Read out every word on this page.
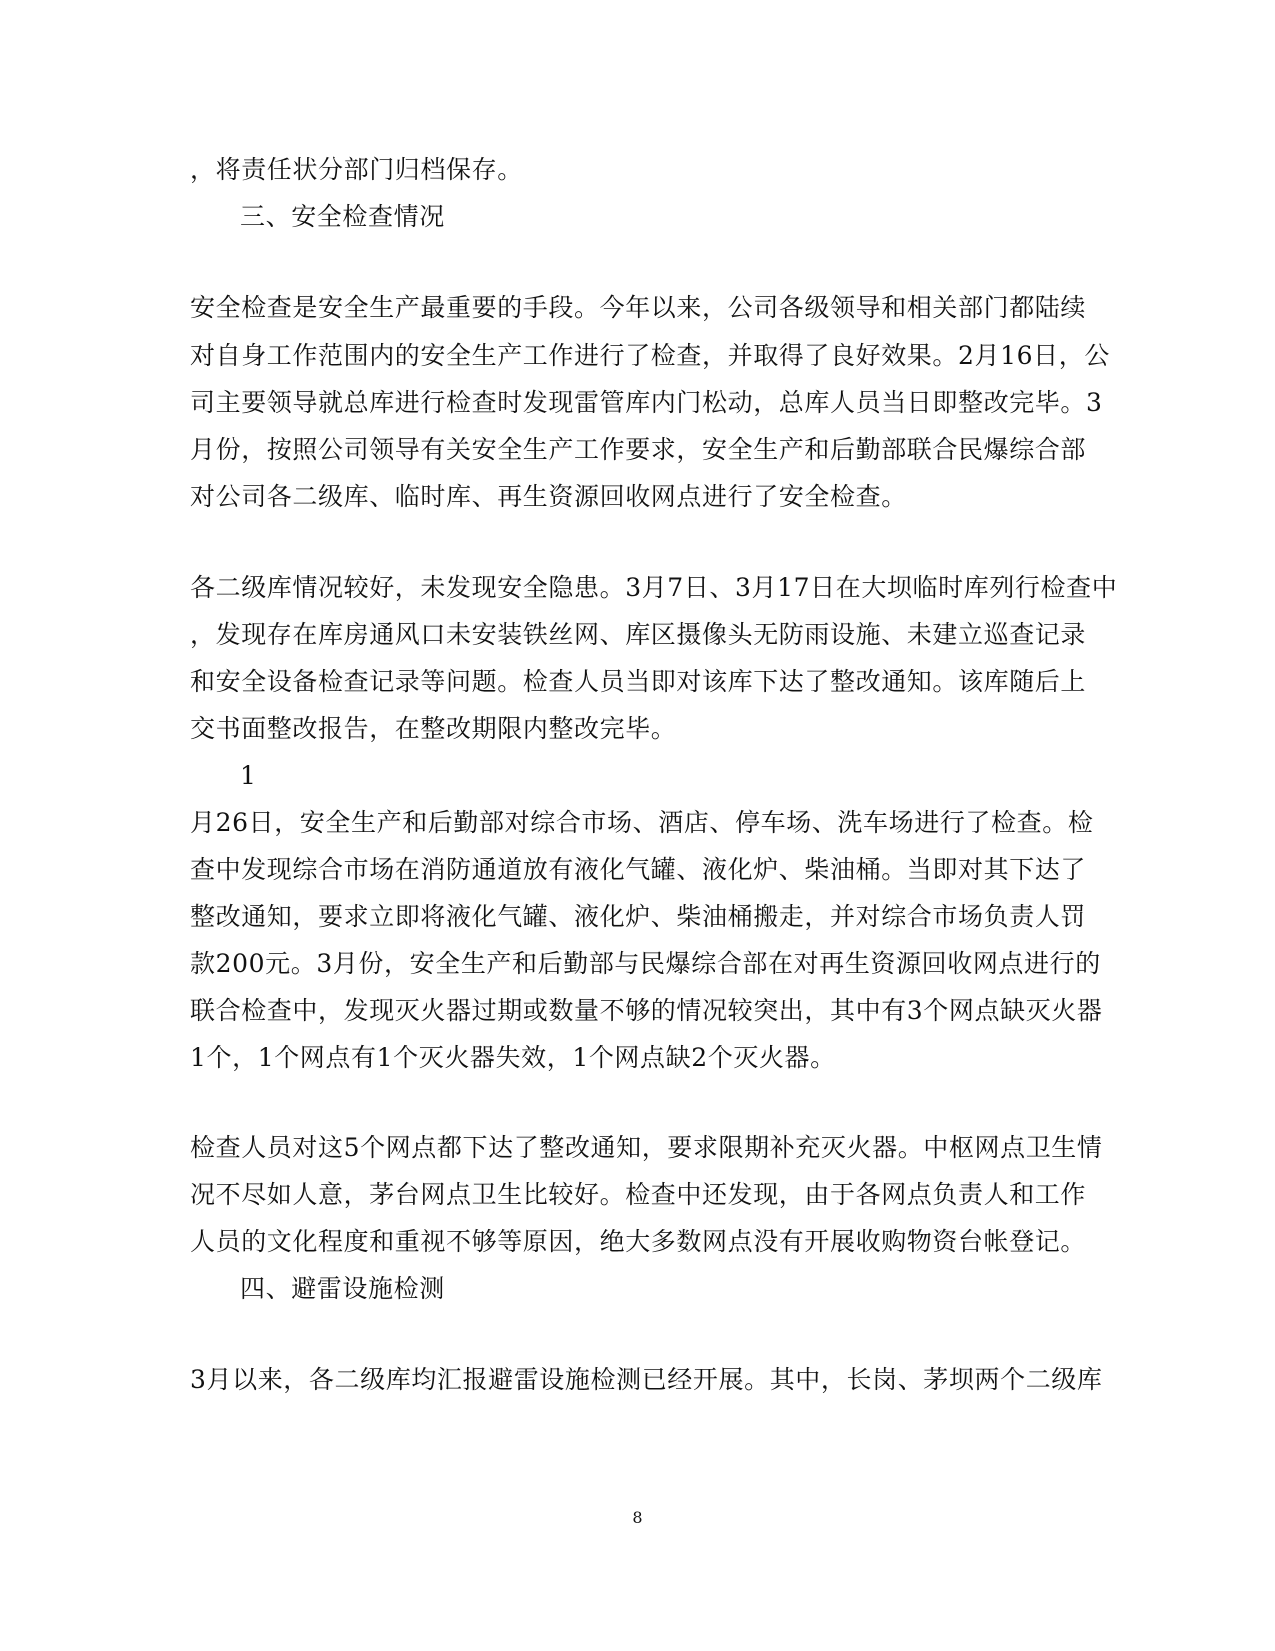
，将责任状分部门归档保存。
三、安全检查情况
安全检查是安全生产最重要的手段。今年以来，公司各级领导和相关部门都陆续
对自身工作范围内的安全生产工作进行了检查，并取得了良好效果。2月16日，公
司主要领导就总库进行检查时发现雷管库内门松动，总库人员当日即整改完毕。3
月份，按照公司领导有关安全生产工作要求，安全生产和后勤部联合民爆综合部
对公司各二级库、临时库、再生资源回收网点进行了安全检查。
各二级库情况较好，未发现安全隐患。3月7日、3月17日在大坝临时库列行检查中
，发现存在库房通风口未安装铁丝网、库区摄像头无防雨设施、未建立巡查记录
和安全设备检查记录等问题。检查人员当即对该库下达了整改通知。该库随后上
交书面整改报告，在整改期限内整改完毕。
1
月26日，安全生产和后勤部对综合市场、酒店、停车场、洗车场进行了检查。检
查中发现综合市场在消防通道放有液化气罐、液化炉、柴油桶。当即对其下达了
整改通知，要求立即将液化气罐、液化炉、柴油桶搬走，并对综合市场负责人罚
款200元。3月份，安全生产和后勤部与民爆综合部在对再生资源回收网点进行的
联合检查中，发现灭火器过期或数量不够的情况较突出，其中有3个网点缺灭火器
1个，1个网点有1个灭火器失效，1个网点缺2个灭火器。
检查人员对这5个网点都下达了整改通知，要求限期补充灭火器。中枢网点卫生情
况不尽如人意，茅台网点卫生比较好。检查中还发现，由于各网点负责人和工作
人员的文化程度和重视不够等原因，绝大多数网点没有开展收购物资台帐登记。
四、避雷设施检测
3月以来，各二级库均汇报避雷设施检测已经开展。其中，长岗、茅坝两个二级库
8
